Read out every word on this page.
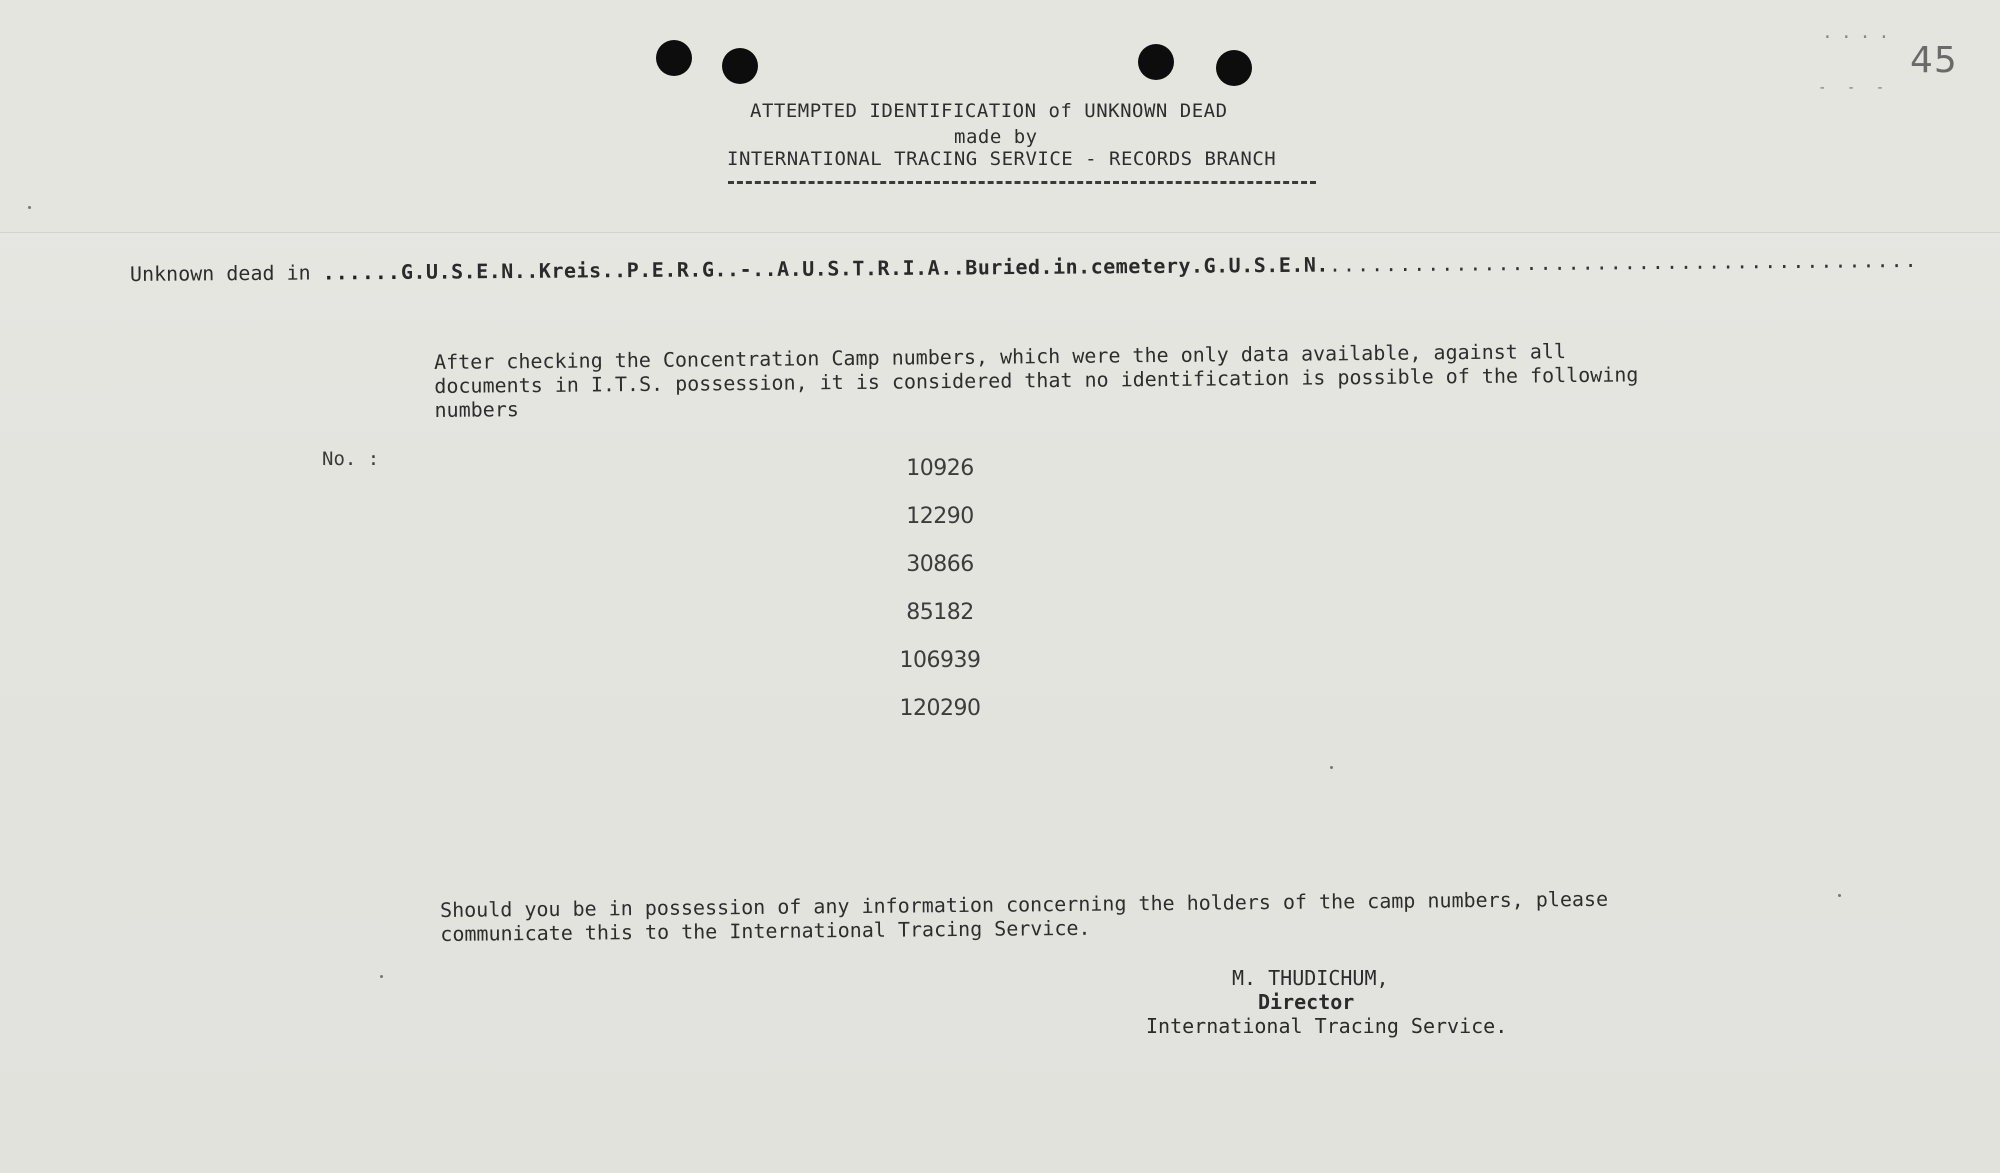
....
- - -
45
ATTEMPTED IDENTIFICATION of UNKNOWN DEAD
made by
INTERNATIONAL TRACING SERVICE - RECORDS BRANCH
Unknown dead in ......G.U.S.E.N..Kreis..P.E.R.G..-..A.U.S.T.R.I.A..Buried.in.cemetery.G.U.S.E.N...........................................
After checking the Concentration Camp numbers, which were the only data available, against all documents in I.T.S. possession, it is considered that no identification is possible of the following numbers
No. :	10926
12290
30866
85182
106939
120290
Should you be in possession of any information concerning the holders of the camp numbers, please communicate this to the International Tracing Service.
M. THUDICHUM,
Director
International Tracing Service.
